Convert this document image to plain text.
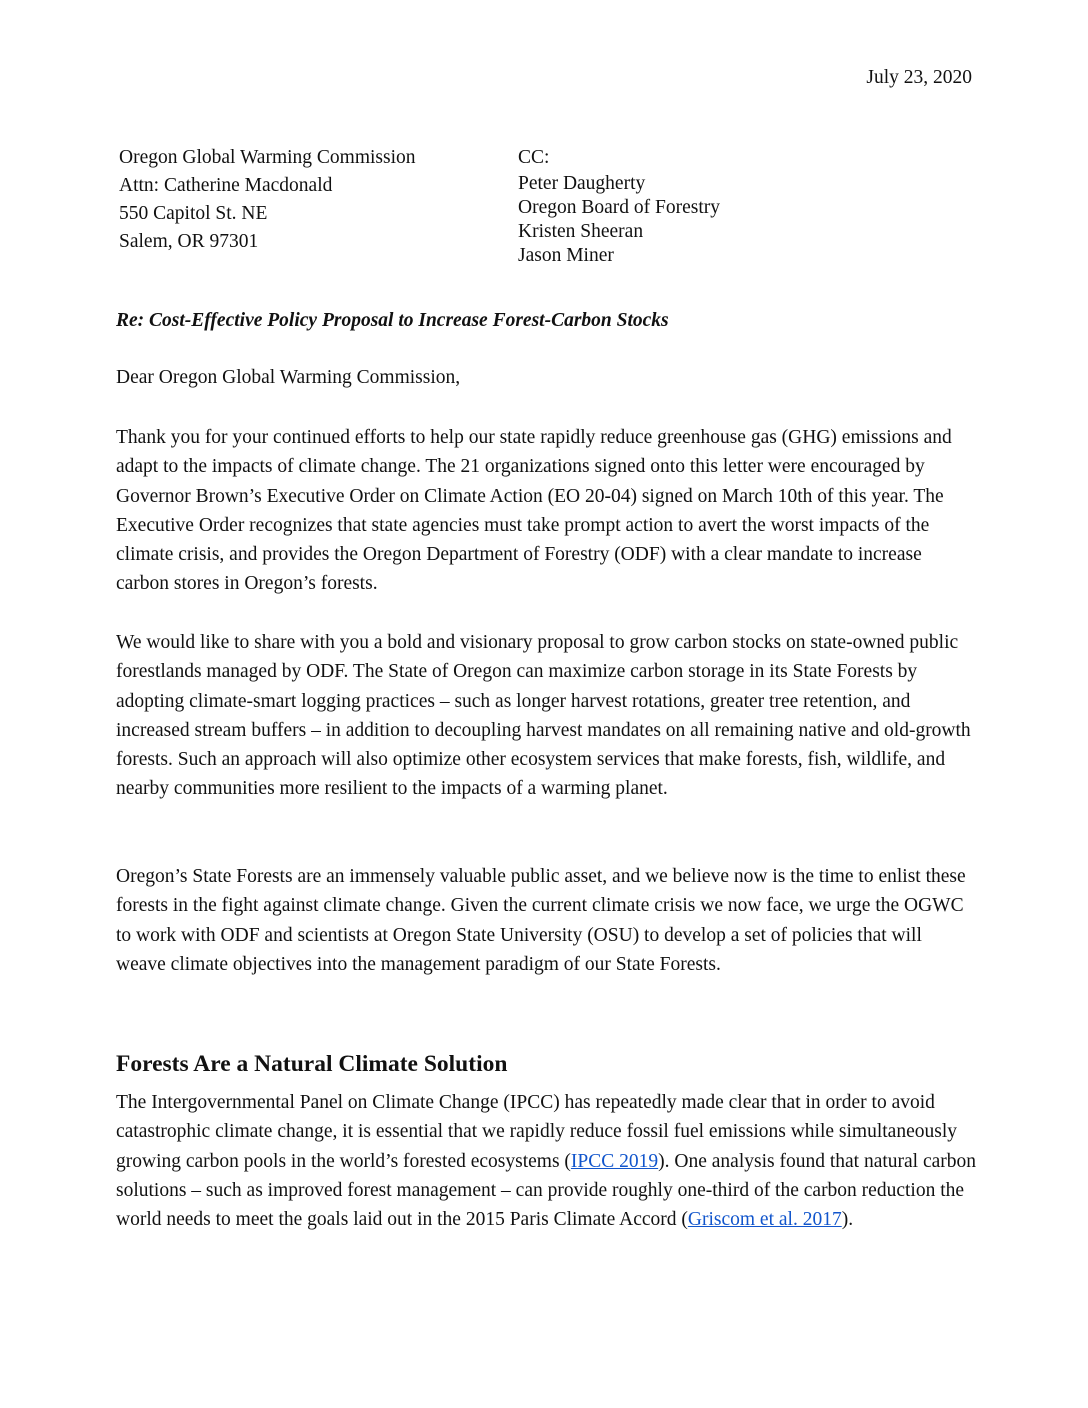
July 23, 2020
Oregon Global Warming Commission
Attn: Catherine Macdonald
550 Capitol St. NE
Salem, OR 97301
CC:
Peter Daugherty
Oregon Board of Forestry
Kristen Sheeran
Jason Miner
Re: Cost-Effective Policy Proposal to Increase Forest-Carbon Stocks
Dear Oregon Global Warming Commission,

Thank you for your continued efforts to help our state rapidly reduce greenhouse gas (GHG) emissions and adapt to the impacts of climate change. The 21 organizations signed onto this letter were encouraged by Governor Brown’s Executive Order on Climate Action (EO 20-04) signed on March 10th of this year. The Executive Order recognizes that state agencies must take prompt action to avert the worst impacts of the climate crisis, and provides the Oregon Department of Forestry (ODF) with a clear mandate to increase carbon stores in Oregon’s forests.

We would like to share with you a bold and visionary proposal to grow carbon stocks on state-owned public forestlands managed by ODF. The State of Oregon can maximize carbon storage in its State Forests by adopting climate-smart logging practices – such as longer harvest rotations, greater tree retention, and increased stream buffers – in addition to decoupling harvest mandates on all remaining native and old-growth forests. Such an approach will also optimize other ecosystem services that make forests, fish, wildlife, and nearby communities more resilient to the impacts of a warming planet.

Oregon’s State Forests are an immensely valuable public asset, and we believe now is the time to enlist these forests in the fight against climate change. Given the current climate crisis we now face, we urge the OGWC to work with ODF and scientists at Oregon State University (OSU) to develop a set of policies that will weave climate objectives into the management paradigm of our State Forests.

Forests Are a Natural Climate Solution

The Intergovernmental Panel on Climate Change (IPCC) has repeatedly made clear that in order to avoid catastrophic climate change, it is essential that we rapidly reduce fossil fuel emissions while simultaneously growing carbon pools in the world’s forested ecosystems (IPCC 2019). One analysis found that natural carbon solutions – such as improved forest management – can provide roughly one-third of the carbon reduction the world needs to meet the goals laid out in the 2015 Paris Climate Accord (Griscom et al. 2017).
